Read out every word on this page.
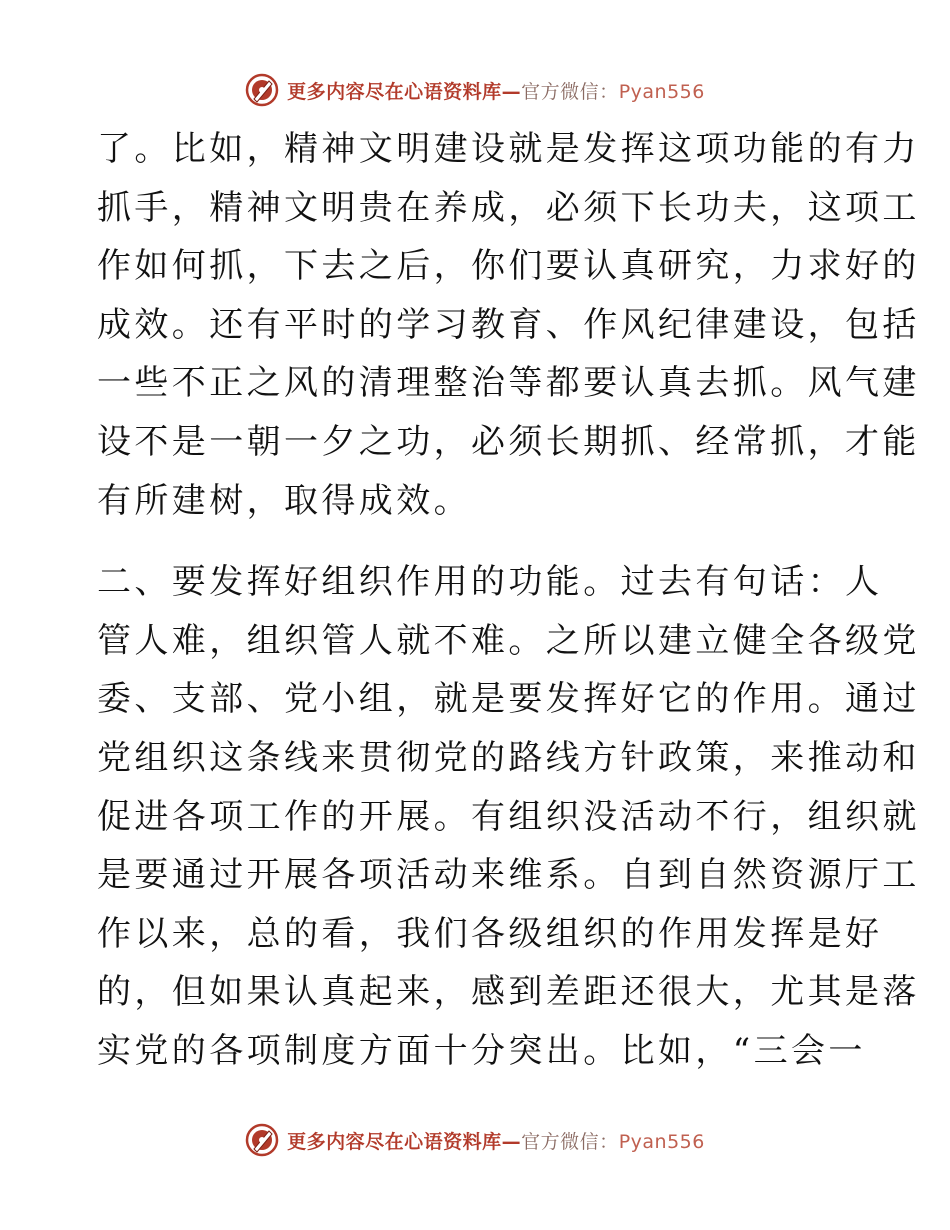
更多内容尽在心语资料库—官方微信：Pyan556
了。比如，精神文明建设就是发挥这项功能的有力
抓手，精神文明贵在养成，必须下长功夫，这项工
作如何抓，下去之后，你们要认真研究，力求好的
成效。还有平时的学习教育、作风纪律建设，包括
一些不正之风的清理整治等都要认真去抓。风气建
设不是一朝一夕之功，必须长期抓、经常抓，才能
有所建树，取得成效。
二、要发挥好组织作用的功能。过去有句话：人
管人难，组织管人就不难。之所以建立健全各级党
委、支部、党小组，就是要发挥好它的作用。通过
党组织这条线来贯彻党的路线方针政策，来推动和
促进各项工作的开展。有组织没活动不行，组织就
是要通过开展各项活动来维系。自到自然资源厅工
作以来，总的看，我们各级组织的作用发挥是好
的，但如果认真起来，感到差距还很大，尤其是落
实党的各项制度方面十分突出。比如，“三会一
更多内容尽在心语资料库—官方微信：Pyan556
